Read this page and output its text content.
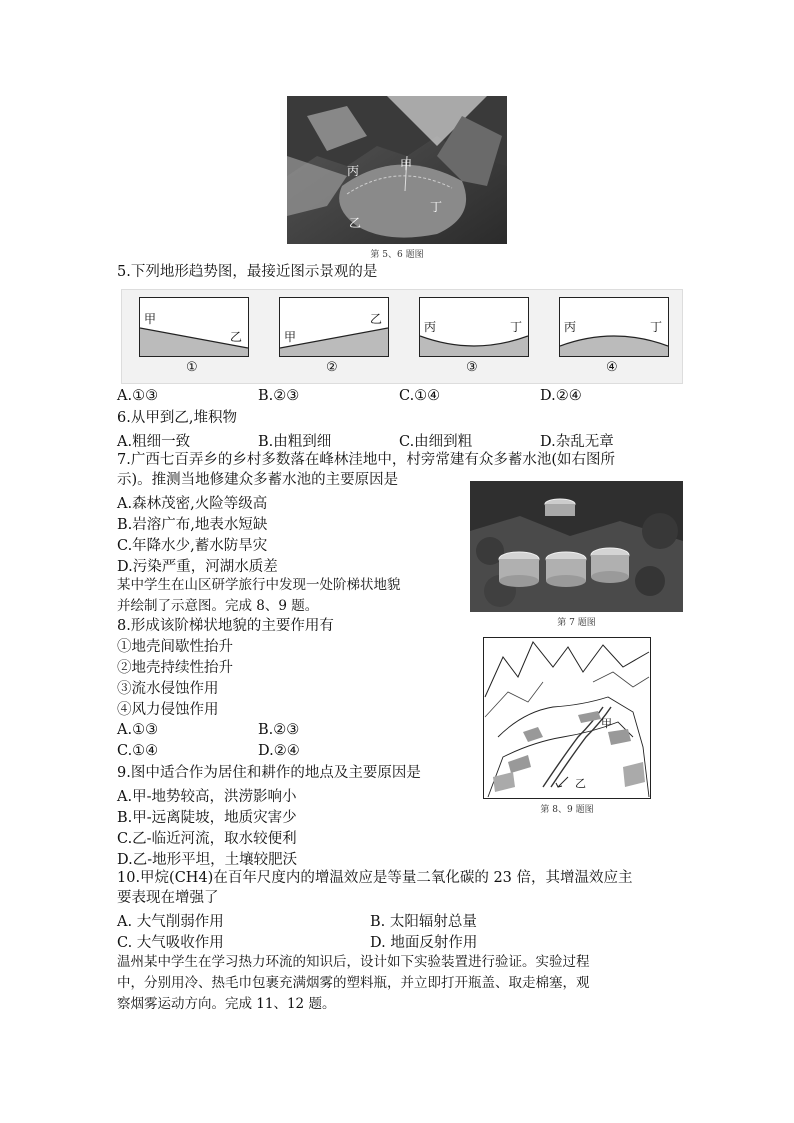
丙	甲
乙
丁
第 5、6 题图
5.下列地形趋势图，最接近图示景观的是
甲
乙
①
甲
乙
②
丙	丁
③
丙	丁
④
A.①③	B.②③	C.①④	D.②④
6.从甲到乙,堆积物
A.粗细一致	B.由粗到细	C.由细到粗	D.杂乱无章
7.广西七百弄乡的乡村多数落在峰林洼地中，村旁常建有众多蓄水池(如右图所
示)。推测当地修建众多蓄水池的主要原因是
A.森林茂密,火险等级高
B.岩溶广布,地表水短缺
C.年降水少,蓄水防旱灾
D.污染严重，河湖水质差
第 7 题图
某中学生在山区研学旅行中发现一处阶梯状地貌
并绘制了示意图。完成 8、9 题。
8.形成该阶梯状地貌的主要作用有
①地壳间歇性抬升
②地壳持续性抬升
③流水侵蚀作用
④风力侵蚀作用
A.①③	B.②③
C.①④	D.②④
甲
乙
第 8、9 题图
9.图中适合作为居住和耕作的地点及主要原因是
A.甲-地势较高，洪涝影响小
B.甲-远离陡坡，地质灾害少
C.乙-临近河流，取水较便利
D.乙-地形平坦，土壤较肥沃
10.甲烷(CH4)在百年尺度内的增温效应是等量二氧化碳的 23 倍，其增温效应主
要表现在增强了
A. 大气削弱作用	B. 太阳辐射总量
C. 大气吸收作用	D. 地面反射作用
温州某中学生在学习热力环流的知识后，设计如下实验装置进行验证。实验过程
中，分别用冷、热毛巾包裹充满烟雾的塑料瓶，并立即打开瓶盖、取走棉塞，观
察烟雾运动方向。完成 11、12 题。
